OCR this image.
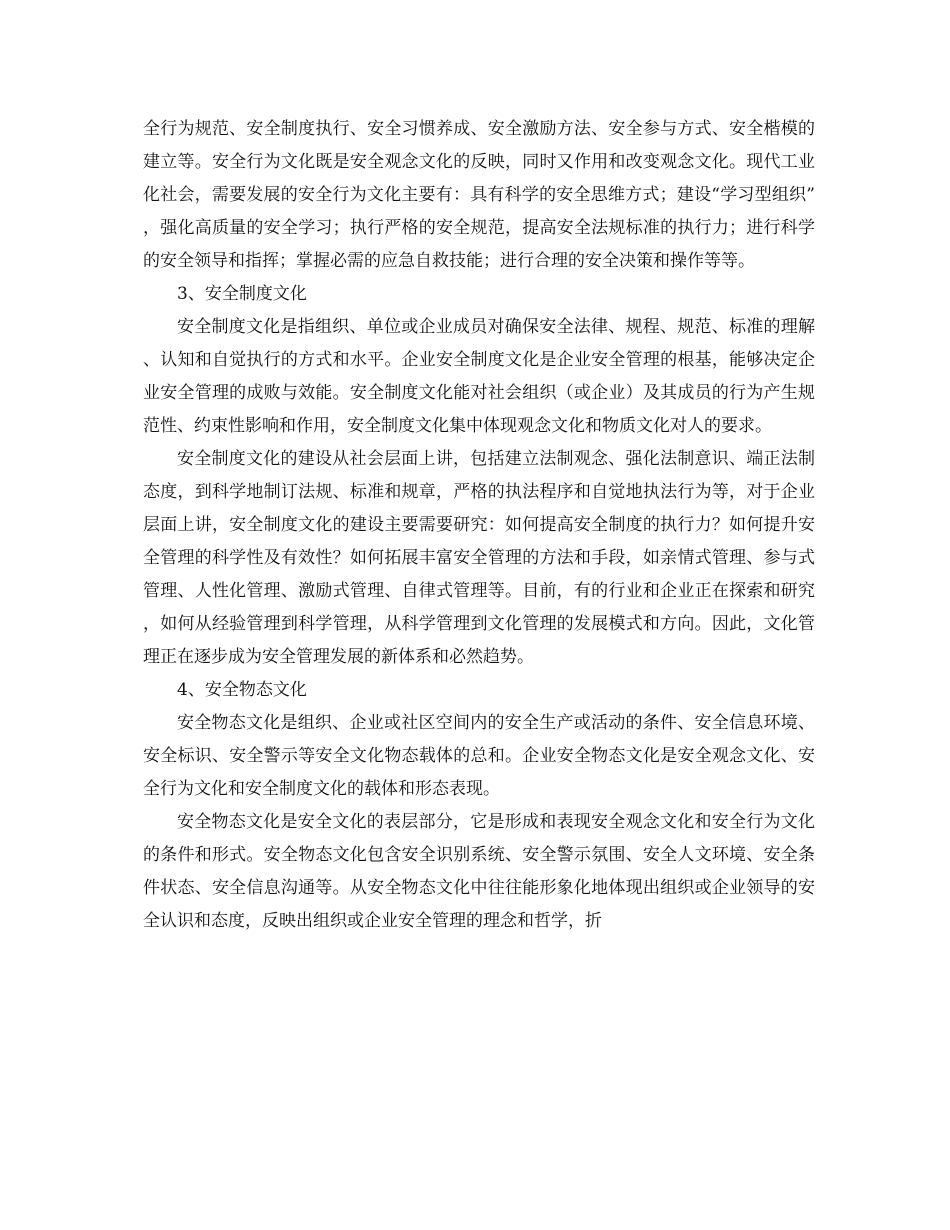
全行为规范、安全制度执行、安全习惯养成、安全激励方法、安全参与方式、安全楷模的建立等。安全行为文化既是安全观念文化的反映，同时又作用和改变观念文化。现代工业化社会，需要发展的安全行为文化主要有：具有科学的安全思维方式；建设“学习型组织”，强化高质量的安全学习；执行严格的安全规范，提高安全法规标准的执行力；进行科学的安全领导和指挥；掌握必需的应急自救技能；进行合理的安全决策和操作等等。

3、安全制度文化

安全制度文化是指组织、单位或企业成员对确保安全法律、规程、规范、标准的理解、认知和自觉执行的方式和水平。企业安全制度文化是企业安全管理的根基，能够决定企业安全管理的成败与效能。安全制度文化能对社会组织（或企业）及其成员的行为产生规范性、约束性影响和作用，安全制度文化集中体现观念文化和物质文化对人的要求。

安全制度文化的建设从社会层面上讲，包括建立法制观念、强化法制意识、端正法制态度，到科学地制订法规、标准和规章，严格的执法程序和自觉地执法行为等，对于企业层面上讲，安全制度文化的建设主要需要研究：如何提高安全制度的执行力？如何提升安全管理的科学性及有效性？如何拓展丰富安全管理的方法和手段，如亲情式管理、参与式管理、人性化管理、激励式管理、自律式管理等。目前，有的行业和企业正在探索和研究，如何从经验管理到科学管理，从科学管理到文化管理的发展模式和方向。因此，文化管理正在逐步成为安全管理发展的新体系和必然趋势。

4、安全物态文化

安全物态文化是组织、企业或社区空间内的安全生产或活动的条件、安全信息环境、安全标识、安全警示等安全文化物态载体的总和。企业安全物态文化是安全观念文化、安全行为文化和安全制度文化的载体和形态表现。

安全物态文化是安全文化的表层部分，它是形成和表现安全观念文化和安全行为文化的条件和形式。安全物态文化包含安全识别系统、安全警示氛围、安全人文环境、安全条件状态、安全信息沟通等。从安全物态文化中往往能形象化地体现出组织或企业领导的安全认识和态度，反映出组织或企业安全管理的理念和哲学，折
